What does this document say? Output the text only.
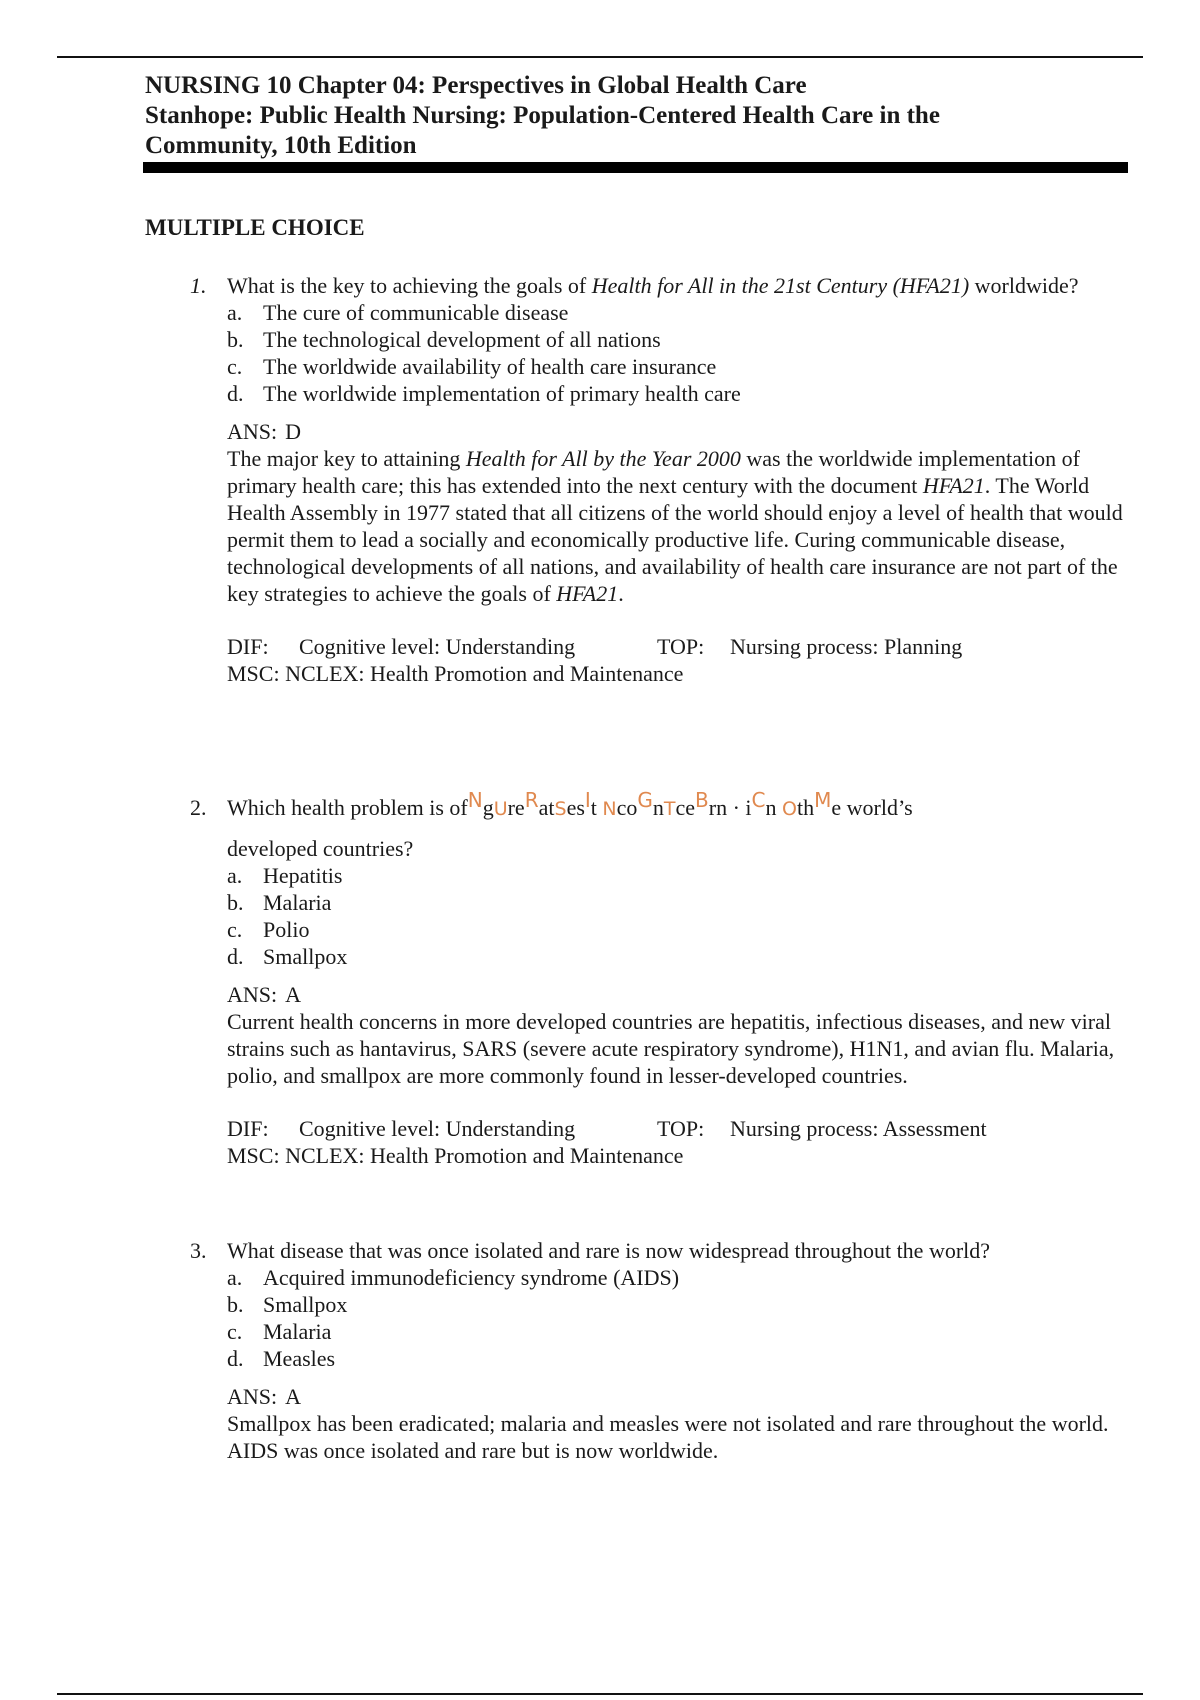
NURSING 10 Chapter 04: Perspectives in Global Health Care
Stanhope: Public Health Nursing: Population-Centered Health Care in the
Community, 10th Edition
MULTIPLE CHOICE
1. What is the key to achieving the goals of Health for All in the 21st Century (HFA21) worldwide?
a. The cure of communicable disease
b. The technological development of all nations
c. The worldwide availability of health care insurance
d. The worldwide implementation of primary health care
ANS: D
The major key to attaining Health for All by the Year 2000 was the worldwide implementation of primary health care; this has extended into the next century with the document HFA21. The World Health Assembly in 1977 stated that all citizens of the world should enjoy a level of health that would permit them to lead a socially and economically productive life. Curing communicable disease, technological developments of all nations, and availability of health care insurance are not part of the key strategies to achieve the goals of HFA21.
DIF: Cognitive level: Understanding	TOP: Nursing process: Planning
MSC: NCLEX: Health Promotion and Maintenance
2. Which health problem is ofNgUreRatSesIt NcoGnTceBrn · iCn OthMe world’s
developed countries?
a. Hepatitis
b. Malaria
c. Polio
d. Smallpox
ANS: A
Current health concerns in more developed countries are hepatitis, infectious diseases, and new viral strains such as hantavirus, SARS (severe acute respiratory syndrome), H1N1, and avian flu. Malaria, polio, and smallpox are more commonly found in lesser-developed countries.
DIF: Cognitive level: Understanding	TOP: Nursing process: Assessment
MSC: NCLEX: Health Promotion and Maintenance
3. What disease that was once isolated and rare is now widespread throughout the world?
a. Acquired immunodeficiency syndrome (AIDS)
b. Smallpox
c. Malaria
d. Measles
ANS: A
Smallpox has been eradicated; malaria and measles were not isolated and rare throughout the world. AIDS was once isolated and rare but is now worldwide.
